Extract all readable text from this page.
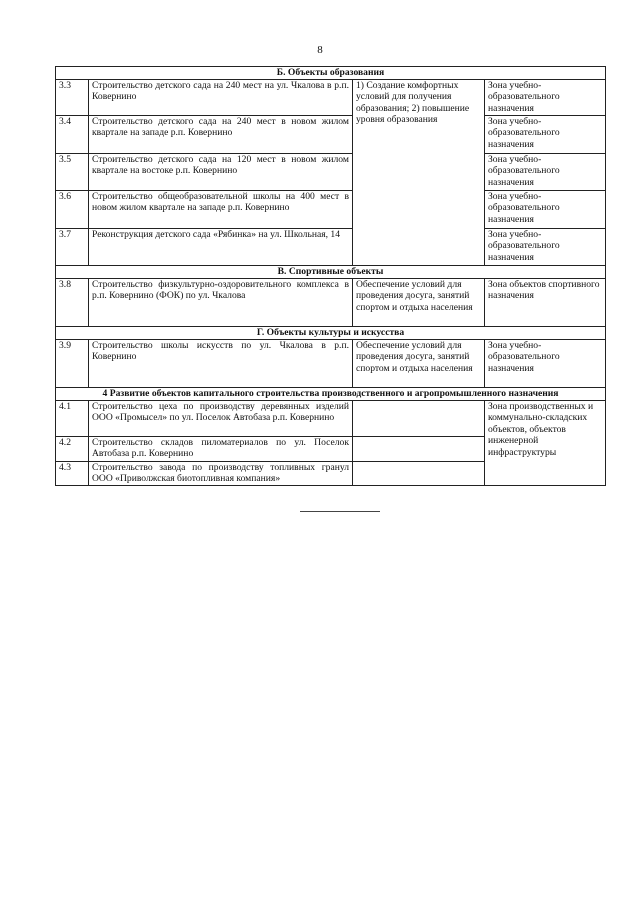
8
Б. Объекты образования			
3.3	Строительство детского сада на 240 мест на ул. Чкалова в р.п. Ковернино	1) Создание комфортных условий для получения образования; 2) повышение уровня образования	Зона учебно-образовательного назначения
3.4	Строительство детского сада на 240 мест в новом жилом квартале на западе р.п. Ковернино		Зона учебно-образовательного назначения
3.5	Строительство детского сада на 120 мест в новом жилом квартале на востоке р.п. Ковернино		Зона учебно-образовательного назначения
3.6	Строительство общеобразовательной школы на 400 мест в новом жилом квартале на западе р.п. Ковернино		Зона учебно-образовательного назначения
3.7	Реконструкция детского сада «Рябинка» на ул. Школьная, 14		Зона учебно-образовательного назначения
В. Спортивные объекты			
3.8	Строительство физкультурно-оздоровительного комплекса в р.п. Ковернино (ФОК) по ул. Чкалова	Обеспечение условий для проведения досуга, занятий спортом и отдыха населения	Зона объектов спортивного назначения
Г. Объекты культуры и искусства			
3.9	Строительство школы искусств по ул. Чкалова в р.п. Ковернино	Обеспечение условий для проведения досуга, занятий спортом и отдыха населения	Зона учебно-образовательного назначения
4 Развитие объектов капитального строительства производственного и агропромышленного назначения			
4.1	Строительство цеха по производству деревянных изделий ООО «Промысел» по ул. Поселок Автобаза р.п. Ковернино		Зона производственных и коммунально-складских объектов, объектов инженерной инфраструктуры
4.2	Строительство складов пиломатериалов по ул. Поселок Автобаза р.п. Ковернино		
4.3	Строительство завода по производству топливных гранул ООО «Приволжская биотопливная компания»		
